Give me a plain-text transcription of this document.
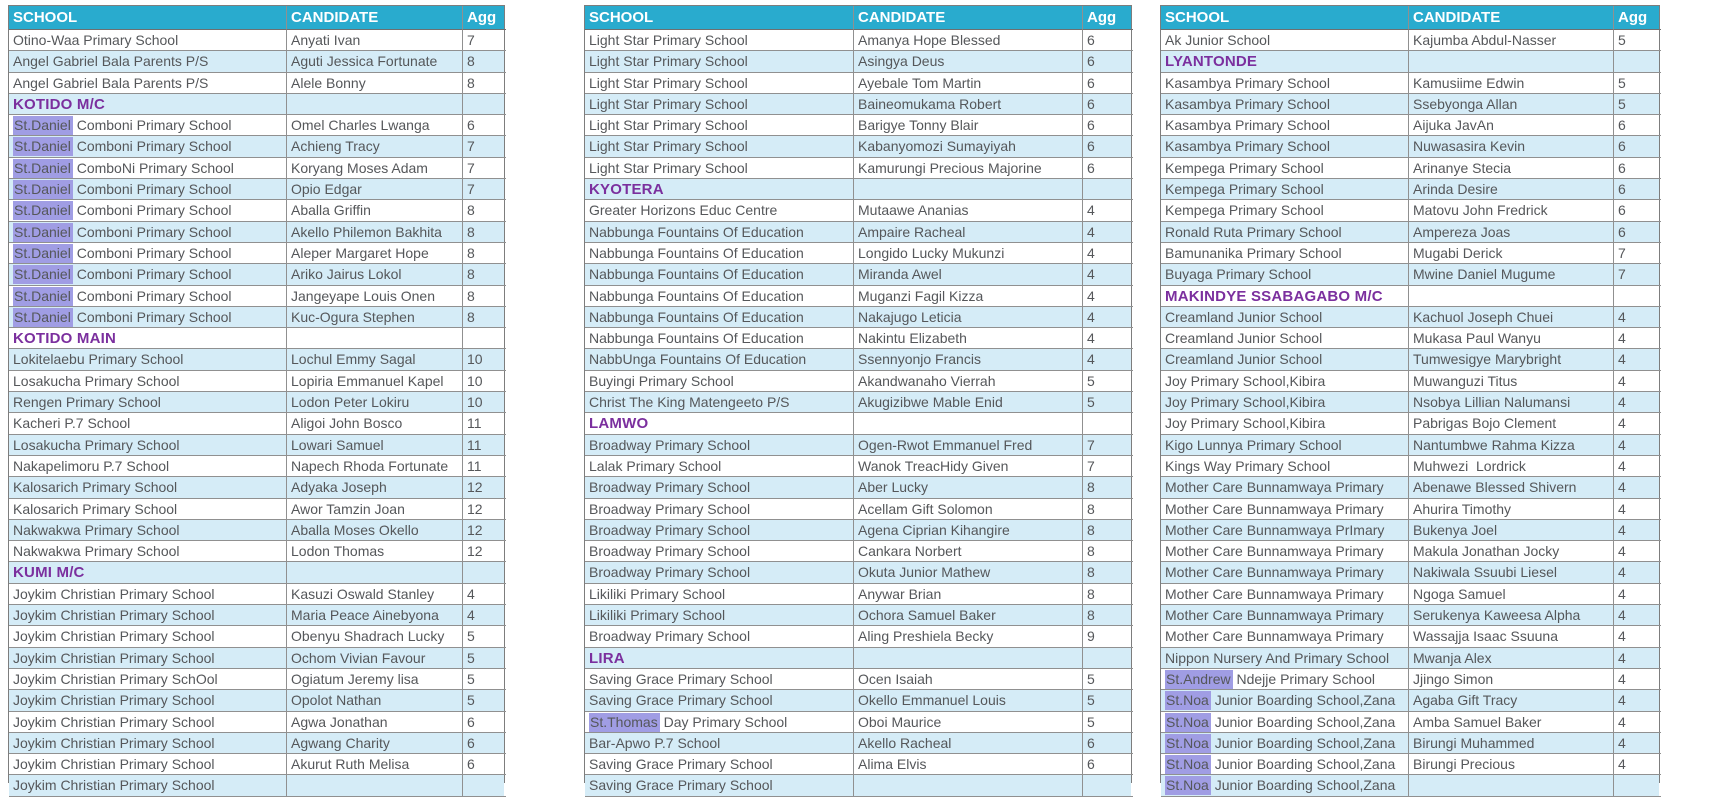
SCHOOL	CANDIDATE	Agg
Otino-Waa Primary School	Anyati Ivan	7
Angel Gabriel Bala Parents P/S	Aguti Jessica Fortunate	8
Angel Gabriel Bala Parents P/S	Alele Bonny	8
KOTIDO M/C
St.Daniel Comboni Primary School	Omel Charles Lwanga	6
St.Daniel Comboni Primary School	Achieng Tracy	7
St.Daniel ComboNi Primary School	Koryang Moses Adam	7
St.Daniel Comboni Primary School	Opio Edgar	7
St.Daniel Comboni Primary School	Aballa Griffin	8
St.Daniel Comboni Primary School	Akello Philemon Bakhita	8
St.Daniel Comboni Primary School	Aleper Margaret Hope	8
St.Daniel Comboni Primary School	Ariko Jairus Lokol	8
St.Daniel Comboni Primary School	Jangeyape Louis Onen	8
St.Daniel Comboni Primary School	Kuc-Ogura Stephen	8
KOTIDO MAIN
Lokitelaebu Primary School	Lochul Emmy Sagal	10
Losakucha Primary School	Lopiria Emmanuel Kapel	10
Rengen Primary School	Lodon Peter Lokiru	10
Kacheri P.7 School	Aligoi John Bosco	11
Losakucha Primary School	Lowari Samuel	11
Nakapelimoru P.7 School	Napech Rhoda Fortunate	11
Kalosarich Primary School	Adyaka Joseph	12
Kalosarich Primary School	Awor Tamzin Joan	12
Nakwakwa Primary School	Aballa Moses Okello	12
Nakwakwa Primary School	Lodon Thomas	12
KUMI M/C
Joykim Christian Primary School	Kasuzi Oswald Stanley	4
Joykim Christian Primary School	Maria Peace Ainebyona	4
Joykim Christian Primary School	Obenyu Shadrach Lucky	5
Joykim Christian Primary School	Ochom Vivian Favour	5
Joykim Christian Primary SchOol	Ogiatum Jeremy lisa	5
Joykim Christian Primary School	Opolot Nathan	5
Joykim Christian Primary School	Agwa Jonathan	6
Joykim Christian Primary School	Agwang Charity	6
Joykim Christian Primary School	Akurut Ruth Melisa	6
Joykim Christian Primary School
SCHOOL	CANDIDATE	Agg
Light Star Primary School	Amanya Hope Blessed	6
Light Star Primary School	Asingya Deus	6
Light Star Primary School	Ayebale Tom Martin	6
Light Star Primary School	Baineomukama Robert	6
Light Star Primary School	Barigye Tonny Blair	6
Light Star Primary School	Kabanyomozi Sumayiyah	6
Light Star Primary School	Kamurungi Precious Majorine	6
KYOTERA
Greater Horizons Educ Centre	Mutaawe Ananias	4
Nabbunga Fountains Of Education	Ampaire Racheal	4
Nabbunga Fountains Of Education	Longido Lucky Mukunzi	4
Nabbunga Fountains Of Education	Miranda Awel	4
Nabbunga Fountains Of Education	Muganzi Fagil Kizza	4
Nabbunga Fountains Of Education	Nakajugo Leticia	4
Nabbunga Fountains Of Education	Nakintu Elizabeth	4
NabbUnga Fountains Of Education	Ssennyonjo Francis	4
Buyingi Primary School	Akandwanaho Vierrah	5
Christ The King Matengeeto P/S	Akugizibwe Mable Enid	5
LAMWO
Broadway Primary School	Ogen-Rwot Emmanuel Fred	7
Lalak Primary School	Wanok TreacHidy Given	7
Broadway Primary School	Aber Lucky	8
Broadway Primary School	Acellam Gift Solomon	8
Broadway Primary School	Agena Ciprian Kihangire	8
Broadway Primary School	Cankara Norbert	8
Broadway Primary School	Okuta Junior Mathew	8
Likiliki Primary School	Anywar Brian	8
Likiliki Primary School	Ochora Samuel Baker	8
Broadway Primary School	Aling Preshiela Becky	9
LIRA
Saving Grace Primary School	Ocen Isaiah	5
Saving Grace Primary School	Okello Emmanuel Louis	5
St.Thomas Day Primary School	Oboi Maurice	5
Bar-Apwo P.7 School	Akello Racheal	6
Saving Grace Primary School	Alima Elvis	6
Saving Grace Primary School
SCHOOL	CANDIDATE	Agg
Ak Junior School	Kajumba Abdul-Nasser	5
LYANTONDE
Kasambya Primary School	Kamusiime Edwin	5
Kasambya Primary School	Ssebyonga Allan	5
Kasambya Primary School	Aijuka JavAn	6
Kasambya Primary School	Nuwasasira Kevin	6
Kempega Primary School	Arinanye Stecia	6
Kempega Primary School	Arinda Desire	6
Kempega Primary School	Matovu John Fredrick	6
Ronald Ruta Primary School	Ampereza Joas	6
Bamunanika Primary School	Mugabi Derick	7
Buyaga Primary School	Mwine Daniel Mugume	7
MAKINDYE SSABAGABO M/C
Creamland Junior School	Kachuol Joseph Chuei	4
Creamland Junior School	Mukasa Paul Wanyu	4
Creamland Junior School	Tumwesigye Marybright	4
Joy Primary School,Kibira	Muwanguzi Titus	4
Joy Primary School,Kibira	Nsobya Lillian Nalumansi	4
Joy Primary School,Kibira	Pabrigas Bojo Clement	4
Kigo Lunnya Primary School	Nantumbwe Rahma Kizza	4
Kings Way Primary School	Muhwezi  Lordrick	4
Mother Care Bunnamwaya Primary	Abenawe Blessed Shivern	4
Mother Care Bunnamwaya Primary	Ahurira Timothy	4
Mother Care Bunnamwaya PrImary	Bukenya Joel	4
Mother Care Bunnamwaya Primary	Makula Jonathan Jocky	4
Mother Care Bunnamwaya Primary	Nakiwala Ssuubi Liesel	4
Mother Care Bunnamwaya Primary	Ngoga Samuel	4
Mother Care Bunnamwaya Primary	Serukenya Kaweesa Alpha	4
Mother Care Bunnamwaya Primary	Wassajja Isaac Ssuuna	4
Nippon Nursery And Primary School	Mwanja Alex	4
St.Andrew Ndejje Primary School	Jjingo Simon	4
St.Noa Junior Boarding School,Zana	Agaba Gift Tracy	4
St.Noa Junior Boarding School,Zana	Amba Samuel Baker	4
St.Noa Junior Boarding School,Zana	Birungi Muhammed	4
St.Noa Junior Boarding School,Zana	Birungi Precious	4
St.Noa Junior Boarding School,Zana
